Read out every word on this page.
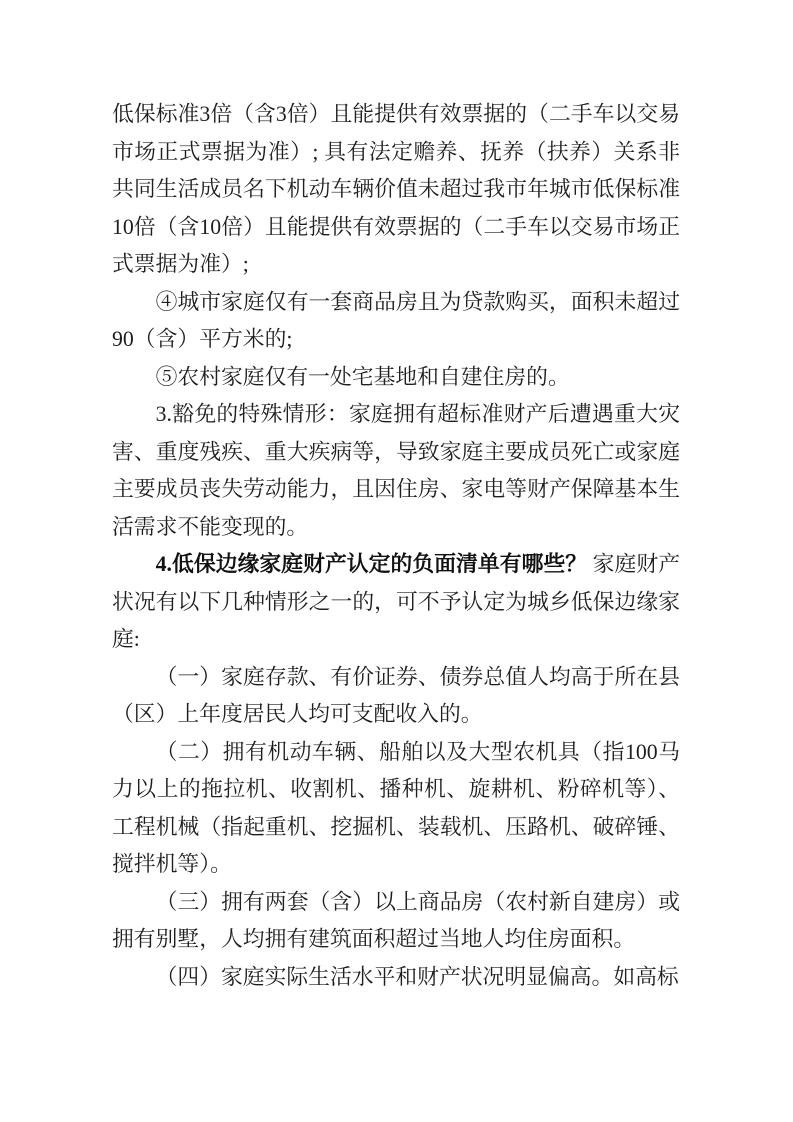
低保标准3倍（含3倍）且能提供有效票据的（二手车以交易市场正式票据为准）; 具有法定赡养、抚养（扶养）关系非共同生活成员名下机动车辆价值未超过我市年城市低保标准10倍（含10倍）且能提供有效票据的（二手车以交易市场正式票据为准）;

④城市家庭仅有一套商品房且为贷款购买，面积未超过90（含）平方米的;

⑤农村家庭仅有一处宅基地和自建住房的。

3.豁免的特殊情形：家庭拥有超标准财产后遭遇重大灾害、重度残疾、重大疾病等，导致家庭主要成员死亡或家庭主要成员丧失劳动能力，且因住房、家电等财产保障基本生活需求不能变现的。

4.低保边缘家庭财产认定的负面清单有哪些？ 家庭财产状况有以下几种情形之一的，可不予认定为城乡低保边缘家庭:

（一）家庭存款、有价证券、债券总值人均高于所在县（区）上年度居民人均可支配收入的。

（二）拥有机动车辆、船舶以及大型农机具（指100马力以上的拖拉机、收割机、播种机、旋耕机、粉碎机等）、工程机械（指起重机、挖掘机、装载机、压路机、破碎锤、搅拌机等）。

（三）拥有两套（含）以上商品房（农村新自建房）或拥有别墅，人均拥有建筑面积超过当地人均住房面积。

（四）家庭实际生活水平和财产状况明显偏高。如高标
